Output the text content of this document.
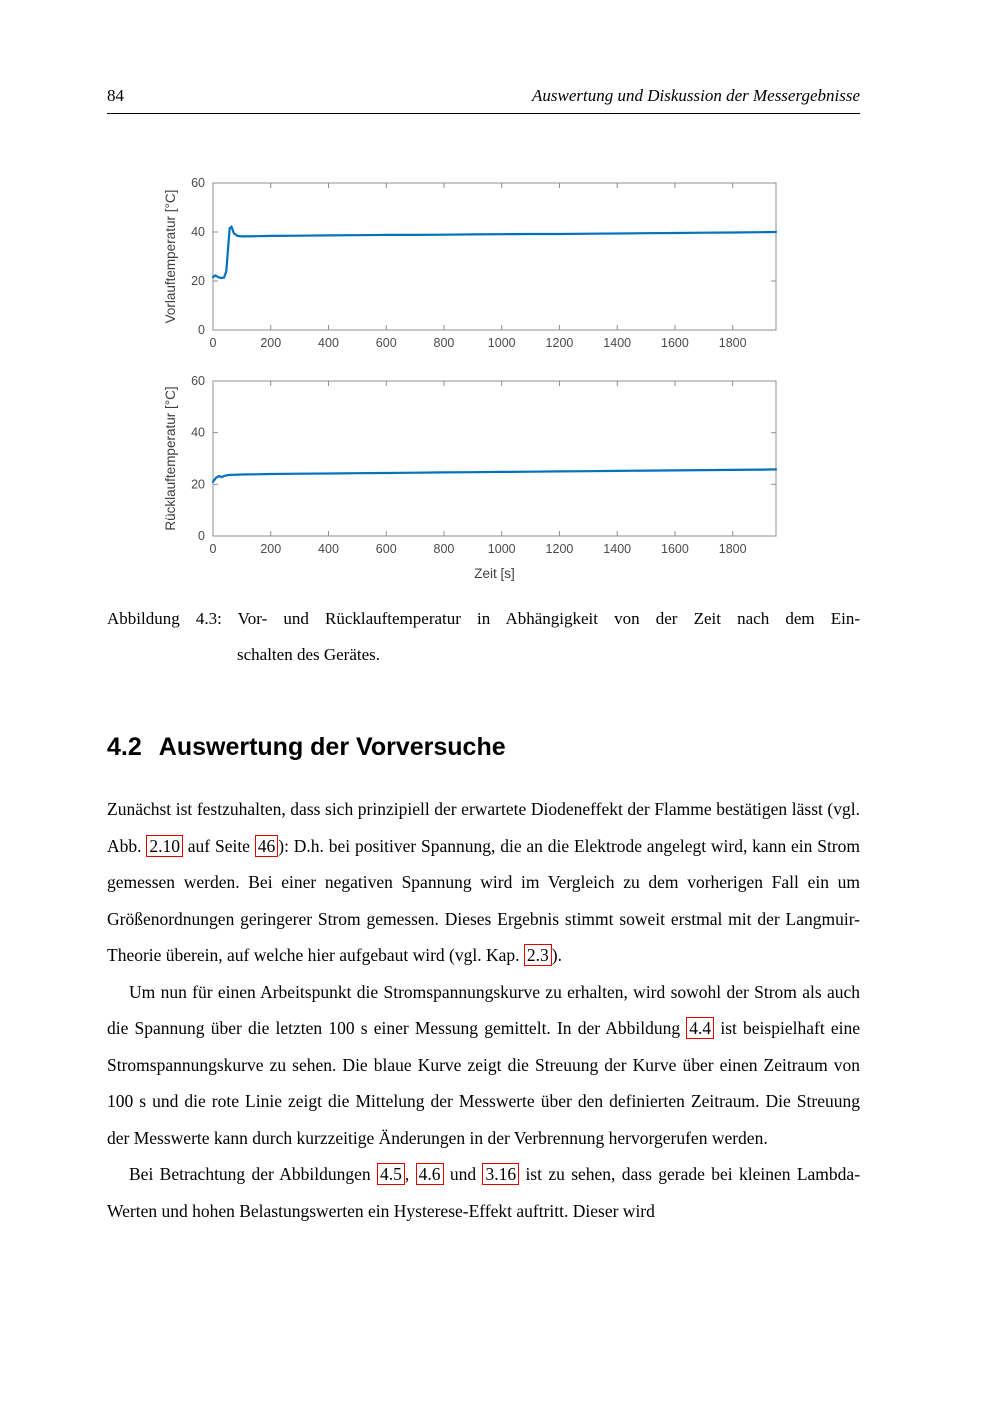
84	Auswertung und Diskussion der Messergebnisse
0	200	400	600	800	1000 1200 1400 1600 1800
0
20
40
60
Vorlauftemperatur [°C]
0	200	400	600	800	1000 1200 1400 1600 1800
0
20
40
60
Rücklauftemperatur [°C]
Zeit [s]
Abbildung 4.3: Vor- und Rücklauftemperatur in Abhängigkeit von der Zeit nach dem Ein-
schalten des Gerätes.
4.2 Auswertung der Vorversuche

Zunächst ist festzuhalten, dass sich prinzipiell der erwartete Diodeneffekt der Flamme bestätigen lässt (vgl. Abb. 2.10 auf Seite 46 ): D.h. bei positiver Spannung, die an die Elektrode angelegt wird, kann ein Strom gemessen werden. Bei einer negativen Spannung wird im Vergleich zu dem vorherigen Fall ein um Größenordnungen geringerer Strom gemessen. Dieses Ergebnis stimmt soweit erstmal mit der Langmuir-Theorie überein, auf welche hier aufgebaut wird (vgl. Kap. 2.3 ).

Um nun für einen Arbeitspunkt die Stromspannungskurve zu erhalten, wird sowohl der Strom als auch die Spannung über die letzten 100 s einer Messung gemittelt. In der Abbildung 4.4 ist beispielhaft eine Stromspannungskurve zu sehen. Die blaue Kurve zeigt die Streuung der Kurve über einen Zeitraum von 100 s und die rote Linie zeigt die Mittelung der Messwerte über den definierten Zeitraum. Die Streuung der Messwerte kann durch kurzzeitige Änderungen in der Verbrennung hervorgerufen werden.

Bei Betrachtung der Abbildungen 4.5 , 4.6 und 3.16 ist zu sehen, dass gerade bei kleinen Lambda-Werten und hohen Belastungswerten ein Hysterese-Effekt auftritt. Dieser wird
